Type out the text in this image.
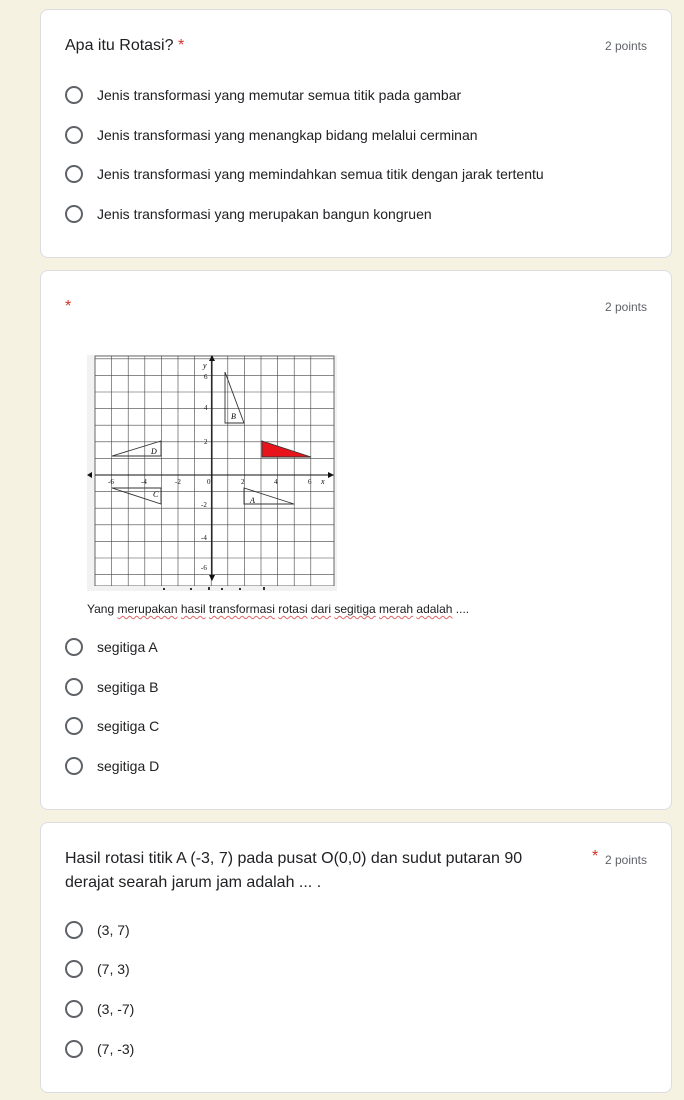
Apa itu Rotasi? *	2 points
Jenis transformasi yang memutar semua titik pada gambar
Jenis transformasi yang menangkap bidang melalui cerminan
Jenis transformasi yang memindahkan semua titik dengan jarak tertentu
Jenis transformasi yang merupakan bangun kongruen
*	2 points
y
x
-6	-4	-2	0	2	4	6
6
4
2
-2
-4
-6
B
D
C
A
Yang merupakan hasil transformasi rotasi dari segitiga merah adalah ....
segitiga A
segitiga B
segitiga C
segitiga D
Hasil rotasi titik A (-3, 7) pada pusat O(0,0) dan sudut putaran 90
derajat searah jarum jam adalah ... .
* 2 points
(3, 7)
(7, 3)
(3, -7)
(7, -3)
